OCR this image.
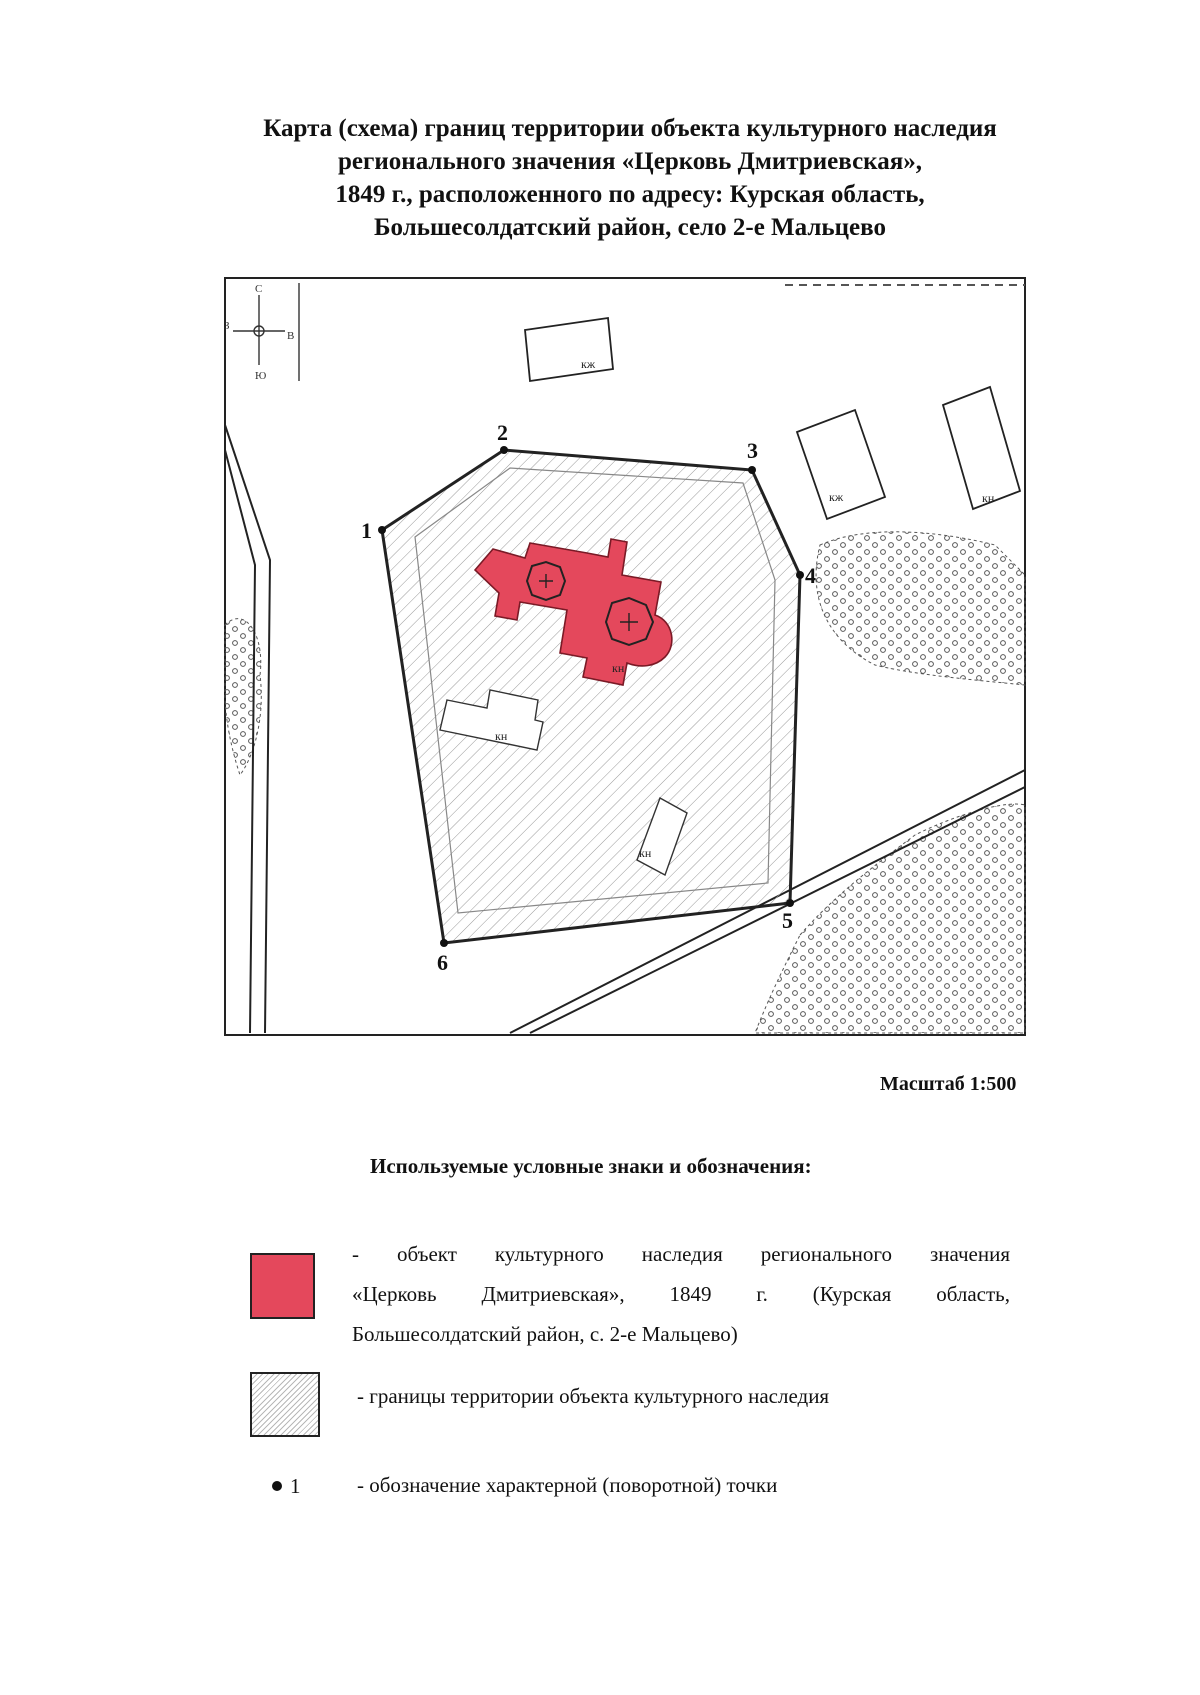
Карта (схема) границ территории объекта культурного наследия
регионального значения «Церковь Дмитриевская»,
1849 г., расположенного по адресу: Курская область,
Большесолдатский район, село 2-е Мальцево
С
Ю
З
В
кж
кж	кн
кн
кн
кн
1
2
3
4
5
6
Масштаб 1:500
Используемые условные знаки и обозначения:
- объект культурного наследия регионального значения
«Церковь Дмитриевская», 1849 г. (Курская область,
Большесолдатский район, с. 2-е Мальцево)
- границы территории объекта культурного наследия
1	- обозначение характерной (поворотной) точки
